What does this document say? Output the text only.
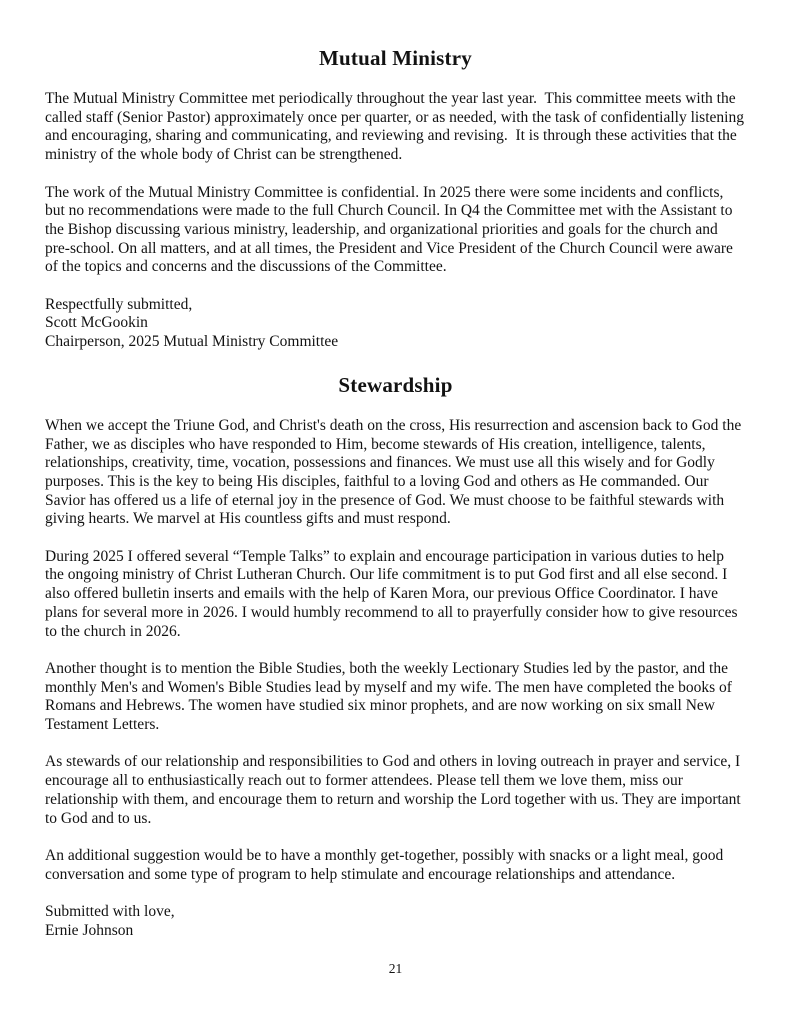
Mutual Ministry

The Mutual Ministry Committee met periodically throughout the year last year.  This committee meets with the called staff (Senior Pastor) approximately once per quarter, or as needed, with the task of confidentially listening and encouraging, sharing and communicating, and reviewing and revising.  It is through these activities that the ministry of the whole body of Christ can be strengthened.

The work of the Mutual Ministry Committee is confidential. In 2025 there were some incidents and conflicts, but no recommendations were made to the full Church Council. In Q4 the Committee met with the Assistant to the Bishop discussing various ministry, leadership, and organizational priorities and goals for the church and pre-school. On all matters, and at all times, the President and Vice President of the Church Council were aware of the topics and concerns and the discussions of the Committee.

Respectfully submitted,
Scott McGookin
Chairperson, 2025 Mutual Ministry Committee
Stewardship

When we accept the Triune God, and Christ's death on the cross, His resurrection and ascension back to God the Father, we as disciples who have responded to Him, become stewards of His creation, intelligence, talents, relationships, creativity, time, vocation, possessions and finances. We must use all this wisely and for Godly purposes. This is the key to being His disciples, faithful to a loving God and others as He commanded. Our Savior has offered us a life of eternal joy in the presence of God. We must choose to be faithful stewards with giving hearts. We marvel at His countless gifts and must respond.

During 2025 I offered several “Temple Talks” to explain and encourage participation in various duties to help the ongoing ministry of Christ Lutheran Church. Our life commitment is to put God first and all else second. I also offered bulletin inserts and emails with the help of Karen Mora, our previous Office Coordinator. I have plans for several more in 2026. I would humbly recommend to all to prayerfully consider how to give resources to the church in 2026.

Another thought is to mention the Bible Studies, both the weekly Lectionary Studies led by the pastor, and the monthly Men's and Women's Bible Studies lead by myself and my wife. The men have completed the books of Romans and Hebrews. The women have studied six minor prophets, and are now working on six small New Testament Letters.

As stewards of our relationship and responsibilities to God and others in loving outreach in prayer and service, I encourage all to enthusiastically reach out to former attendees. Please tell them we love them, miss our relationship with them, and encourage them to return and worship the Lord together with us. They are important to God and to us.

An additional suggestion would be to have a monthly get-together, possibly with snacks or a light meal, good conversation and some type of program to help stimulate and encourage relationships and attendance.

Submitted with love,
Ernie Johnson
21
